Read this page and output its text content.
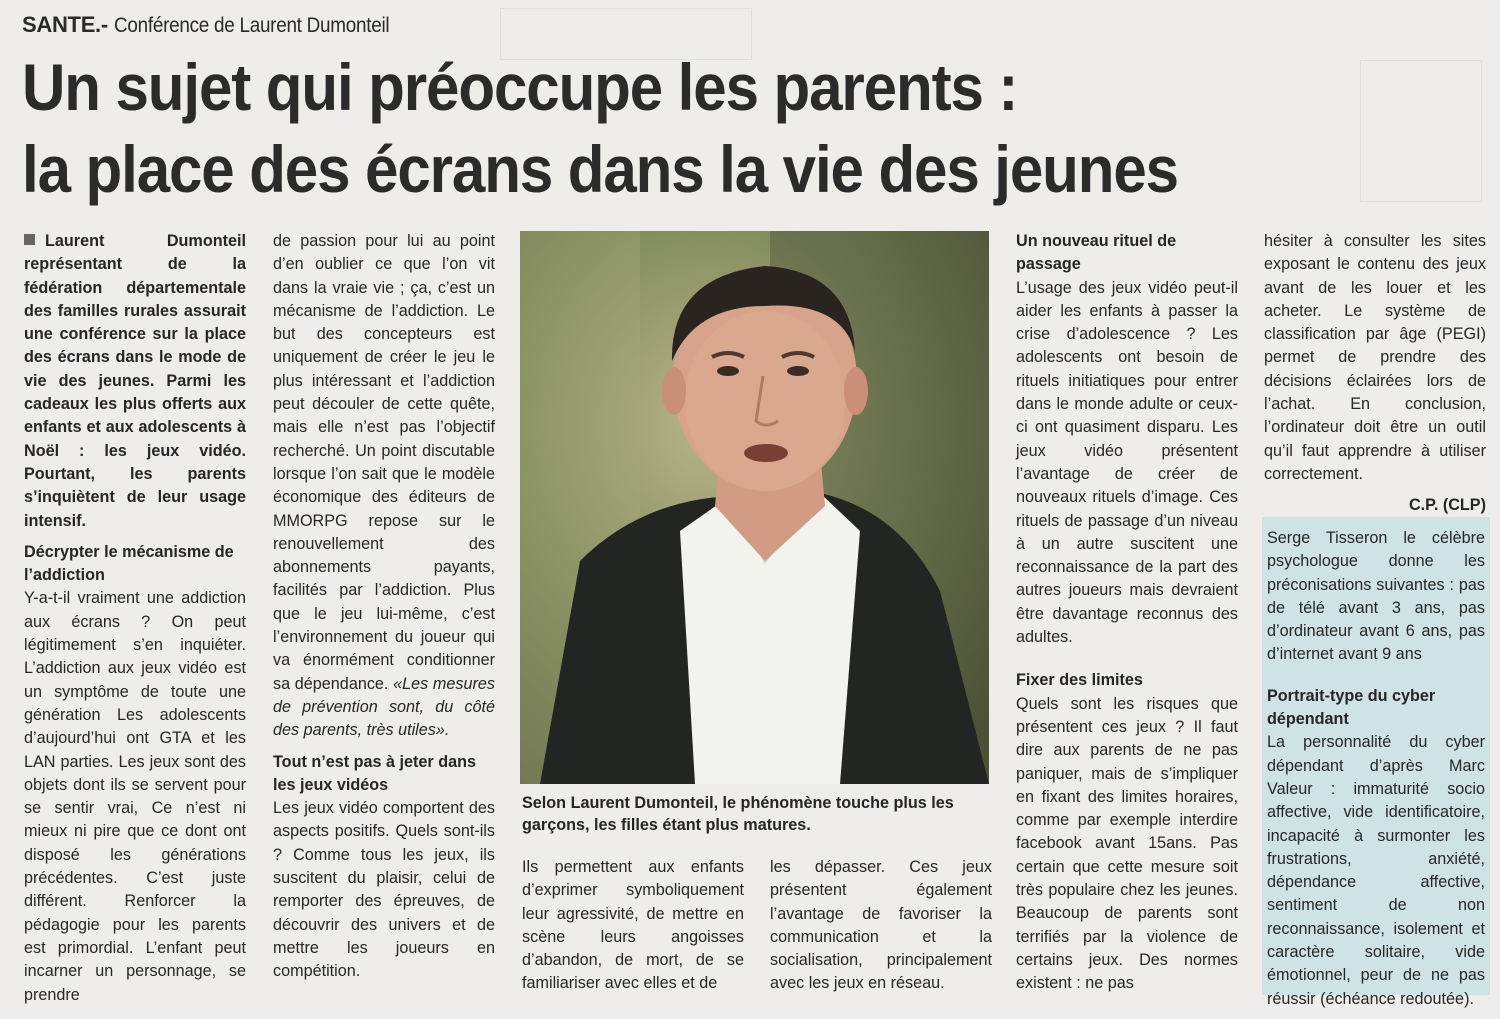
SANTE.- Conférence de Laurent Dumonteil
Un sujet qui préoccupe les parents :
la place des écrans dans la vie des jeunes

Laurent Dumonteil représentant de la fédération départementale des familles rurales assurait une conférence sur la place des écrans dans le mode de vie des jeunes. Parmi les cadeaux les plus offerts aux enfants et aux adolescents à Noël : les jeux vidéo. Pourtant, les parents s’inquiètent de leur usage intensif.

Décrypter le mécanisme de l’addiction

Y-a-t-il vraiment une addiction aux écrans ? On peut légitimement s’en inquiéter. L’addiction aux jeux vidéo est un symptôme de toute une génération Les adolescents d’aujourd’hui ont GTA et les LAN parties. Les jeux sont des objets dont ils se servent pour se sentir vrai, Ce n’est ni mieux ni pire que ce dont ont disposé les générations précédentes. C’est juste différent. Renforcer la pédagogie pour les parents est primordial. L’enfant peut incarner un personnage, se prendre

de passion pour lui au point d’en oublier ce que l’on vit dans la vraie vie ; ça, c’est un mécanisme de l’addiction. Le but des concepteurs est uniquement de créer le jeu le plus intéressant et l’addiction peut découler de cette quête, mais elle n’est pas l’objectif recherché. Un point discutable lorsque l’on sait que le modèle économique des éditeurs de MMORPG repose sur le renouvellement des abonnements payants, facilités par l’addiction. Plus que le jeu lui-même, c’est l’environnement du joueur qui va énormément conditionner sa dépendance. «Les mesures de prévention sont, du côté des parents, très utiles».

Tout n’est pas à jeter dans les jeux vidéos

Les jeux vidéo comportent des aspects positifs. Quels sont-ils ? Comme tous les jeux, ils suscitent du plaisir, celui de remporter des épreuves, de découvrir des univers et de mettre les joueurs en compétition.

Selon Laurent Dumonteil, le phénomène touche plus les garçons, les filles étant plus matures.

Ils permettent aux enfants d’exprimer symboliquement leur agressivité, de mettre en scène leurs angoisses d’abandon, de mort, de se familiariser avec elles et de

les dépasser. Ces jeux présentent également l’avantage de favoriser la communication et la socialisation, principalement avec les jeux en réseau.

Un nouveau rituel de passage

L’usage des jeux vidéo peut-il aider les enfants à passer la crise d’adolescence ? Les adolescents ont besoin de rituels initiatiques pour entrer dans le monde adulte or ceux-ci ont quasiment disparu. Les jeux vidéo présentent l’avantage de créer de nouveaux rituels d’image. Ces rituels de passage d’un niveau à un autre suscitent une reconnaissance de la part des autres joueurs mais devraient être davantage reconnus des adultes.

Fixer des limites

Quels sont les risques que présentent ces jeux ? Il faut dire aux parents de ne pas paniquer, mais de s’impliquer en fixant des limites horaires, comme par exemple interdire facebook avant 15ans. Pas certain que cette mesure soit très populaire chez les jeunes. Beaucoup de parents sont terrifiés par la violence de certains jeux. Des normes existent : ne pas

hésiter à consulter les sites exposant le contenu des jeux avant de les louer et les acheter. Le système de classification par âge (PEGI) permet de prendre des décisions éclairées lors de l’achat. En conclusion, l’ordinateur doit être un outil qu’il faut apprendre à utiliser correctement.

C.P. (CLP)

Serge Tisseron le célèbre psychologue donne les préconisations suivantes : pas de télé avant 3 ans, pas d’ordinateur avant 6 ans, pas d’internet avant 9 ans

Portrait-type du cyber dépendant

La personnalité du cyber dépendant d’après Marc Valeur : immaturité socio affective, vide identificatoire, incapacité à surmonter les frustrations, anxiété, dépendance affective, sentiment de non reconnaissance, isolement et caractère solitaire, vide émotionnel, peur de ne pas réussir (échéance redoutée).
